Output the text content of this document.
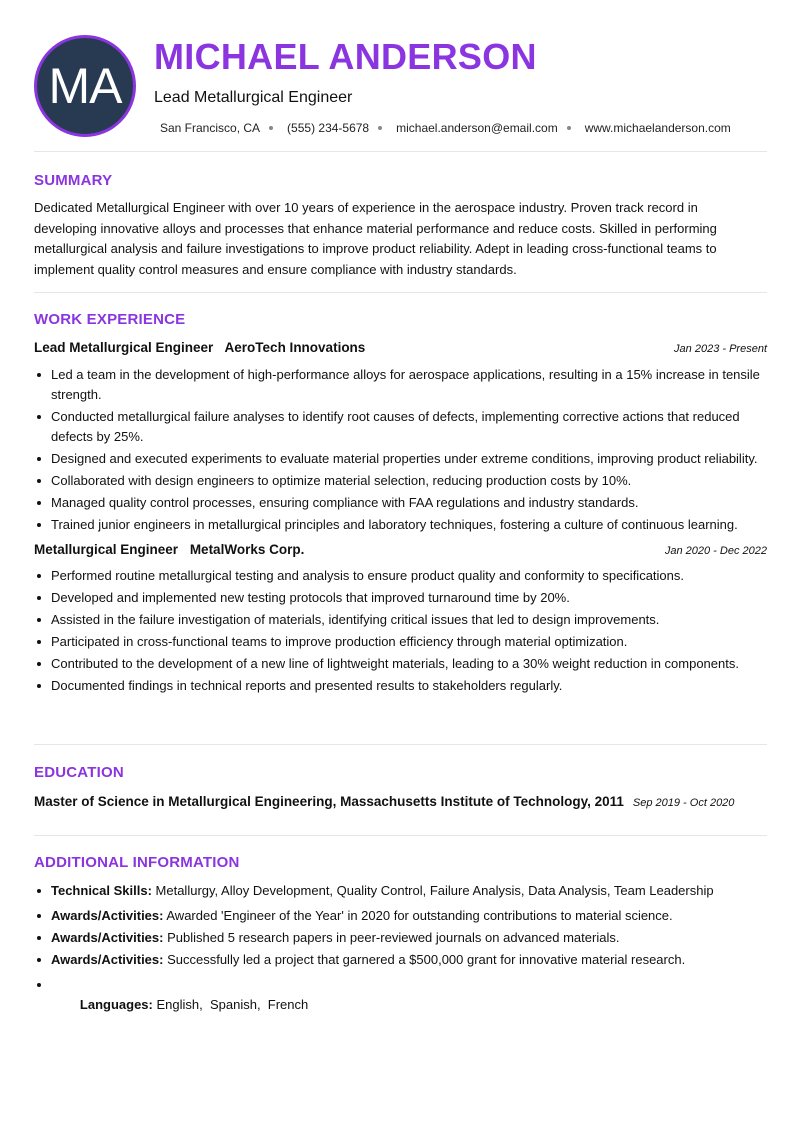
MA
MICHAEL ANDERSON
Lead Metallurgical Engineer
San Francisco, CA (555) 234-5678 michael.anderson@email.com www.michaelanderson.com
SUMMARY
Dedicated Metallurgical Engineer with over 10 years of experience in the aerospace industry. Proven track record in
developing innovative alloys and processes that enhance material performance and reduce costs. Skilled in performing
metallurgical analysis and failure investigations to improve product reliability. Adept in leading cross-functional teams to
implement quality control measures and ensure compliance with industry standards.
WORK EXPERIENCE
Lead Metallurgical Engineer AeroTech Innovations	Jan 2023 - Present
Led a team in the development of high-performance alloys for aerospace applications, resulting in a 15% increase in tensile strength.
Conducted metallurgical failure analyses to identify root causes of defects, implementing corrective actions that reduced defects by 25%.
Designed and executed experiments to evaluate material properties under extreme conditions, improving product reliability.
Collaborated with design engineers to optimize material selection, reducing production costs by 10%.
Managed quality control processes, ensuring compliance with FAA regulations and industry standards.
Trained junior engineers in metallurgical principles and laboratory techniques, fostering a culture of continuous learning.
Metallurgical Engineer MetalWorks Corp.	Jan 2020 - Dec 2022
Performed routine metallurgical testing and analysis to ensure product quality and conformity to specifications.
Developed and implemented new testing protocols that improved turnaround time by 20%.
Assisted in the failure investigation of materials, identifying critical issues that led to design improvements.
Participated in cross-functional teams to improve production efficiency through material optimization.
Contributed to the development of a new line of lightweight materials, leading to a 30% weight reduction in components.
Documented findings in technical reports and presented results to stakeholders regularly.
EDUCATION
Master of Science in Metallurgical Engineering, Massachusetts Institute of Technology, 2011 Sep 2019 - Oct 2020
ADDITIONAL INFORMATION
Technical Skills: Metallurgy, Alloy Development, Quality Control, Failure Analysis, Data Analysis, Team Leadership
Awards/Activities: Awarded 'Engineer of the Year' in 2020 for outstanding contributions to material science.
Awards/Activities: Published 5 research papers in peer-reviewed journals on advanced materials.
Awards/Activities: Successfully led a project that garnered a $500,000 grant for innovative material research.

Languages: English,  Spanish,  French
